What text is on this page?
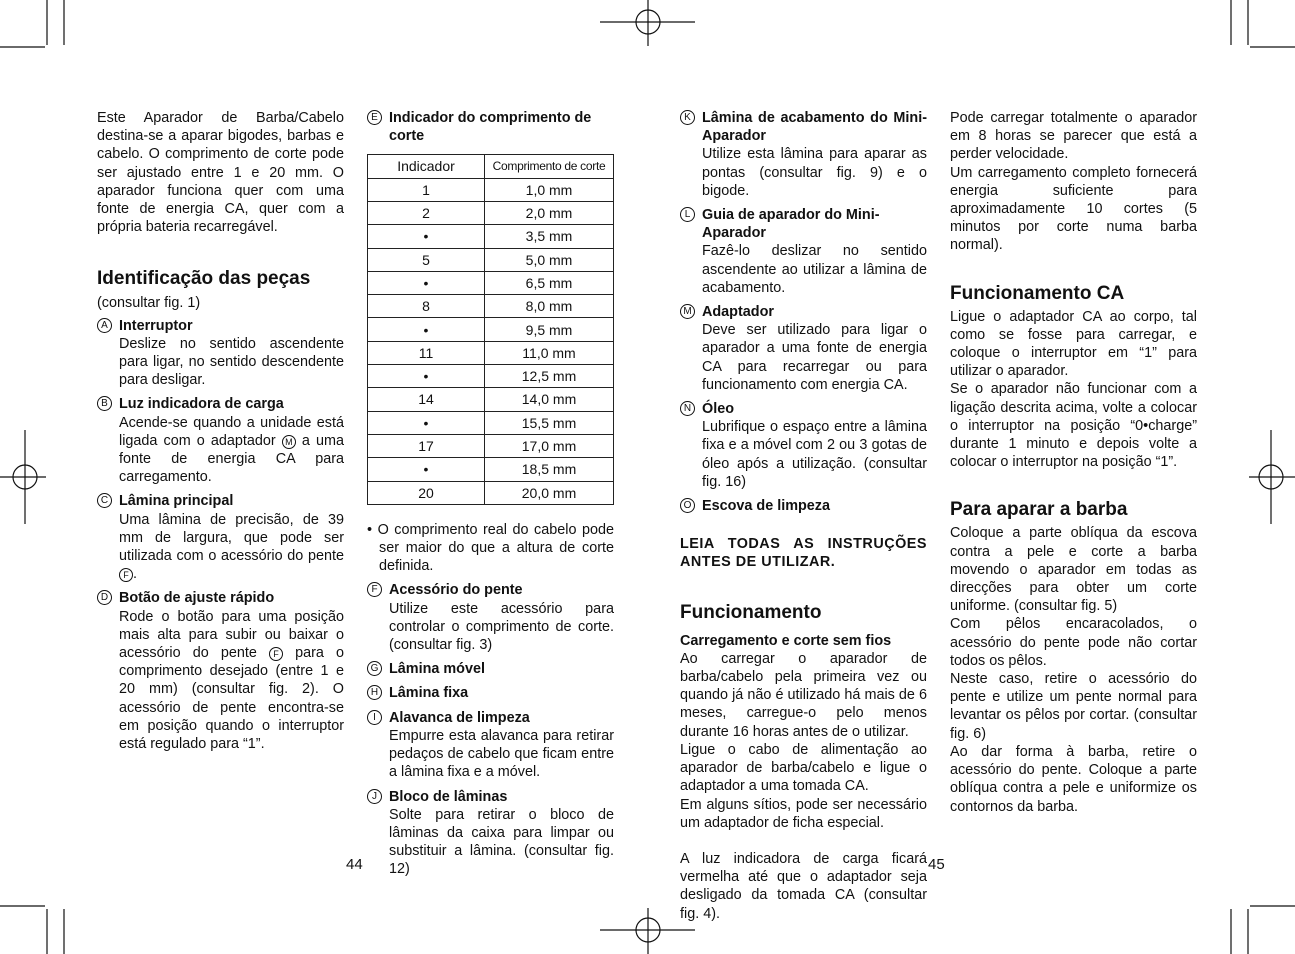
Este Aparador de Barba/Cabelo destina-se a aparar bigodes, barbas e cabelo. O comprimento de corte pode ser ajustado entre 1 e 20 mm. O aparador funciona quer com uma fonte de energia CA, quer com a própria bateria recarregável.

Identificação das peças

(consultar fig. 1)

A Interruptor

Deslize no sentido ascendente para ligar, no sentido descendente para desligar.

B Luz indicadora de carga

Acende-se quando a unidade está ligada com o adaptador M a uma fonte de energia CA para carregamento.

C Lâmina principal

Uma lâmina de precisão, de 39 mm de largura, que pode ser utilizada com o acessório do pente F .

D Botão de ajuste rápido

Rode o botão para uma posição mais alta para subir ou baixar o acessório do pente F para o comprimento desejado (entre 1 e 20 mm) (consultar fig. 2). O acessório de pente encontra-se em posição quando o interruptor está regulado para “1”.

E Indicador do comprimento de corte

Indicador	Comprimento de corte
1	1,0 mm
2	2,0 mm
•	3,5 mm
5	5,0 mm
•	6,5 mm
8	8,0 mm
•	9,5 mm
11	11,0 mm
•	12,5 mm
14	14,0 mm
•	15,5 mm
17	17,0 mm
•	18,5 mm
20	20,0 mm

• O comprimento real do cabelo pode ser maior do que a altura de corte definida.

F Acessório do pente

Utilize este acessório para controlar o comprimento de corte. (consultar fig. 3)

G Lâmina móvel

H Lâmina fixa

I Alavanca de limpeza

Empurre esta alavanca para retirar pedaços de cabelo que ficam entre a lâmina fixa e a móvel.

J Bloco de lâminas

Solte para retirar o bloco de lâminas da caixa para limpar ou substituir a lâmina. (consultar fig. 12)

K Lâmina de acabamento do Mini-Aparador

Utilize esta lâmina para aparar as pontas (consultar fig. 9) e o bigode.

L Guia de aparador do Mini-Aparador

Fazê-lo deslizar no sentido ascendente ao utilizar a lâmina de acabamento.

M Adaptador

Deve ser utilizado para ligar o aparador a uma fonte de energia CA para recarregar ou para funcionamento com energia CA.

N Óleo

Lubrifique o espaço entre a lâmina fixa e a móvel com 2 ou 3 gotas de óleo após a utilização. (consultar fig. 16)

O Escova de limpeza

LEIA TODAS AS INSTRUÇÕES ANTES DE UTILIZAR.

Funcionamento

Carregamento e corte sem fios

Ao carregar o aparador de barba/cabelo pela primeira vez ou quando já não é utilizado há mais de 6 meses, carregue-o pelo menos durante 16 horas antes de o utilizar.

Ligue o cabo de alimentação ao aparador de barba/cabelo e ligue o adaptador a uma tomada CA.

Em alguns sítios, pode ser necessário um adaptador de ficha especial.

A luz indicadora de carga ficará vermelha até que o adaptador seja desligado da tomada CA (consultar fig. 4).

Pode carregar totalmente o aparador em 8 horas se parecer que está a perder velocidade.

Um carregamento completo fornecerá energia suficiente para aproximadamente 10 cortes (5 minutos por corte numa barba normal).

Funcionamento CA

Ligue o adaptador CA ao corpo, tal como se fosse para carregar, e coloque o interruptor em “1” para utilizar o aparador.

Se o aparador não funcionar com a ligação descrita acima, volte a colocar o interruptor na posição “0•charge” durante 1 minuto e depois volte a colocar o interruptor na posição “1”.

Para aparar a barba

Coloque a parte oblíqua da escova contra a pele e corte a barba movendo o aparador em todas as direcções para obter um corte uniforme. (consultar fig. 5)

Com pêlos encaracolados, o acessório do pente pode não cortar todos os pêlos.

Neste caso, retire o acessório do pente e utilize um pente normal para levantar os pêlos por cortar. (consultar fig. 6)

Ao dar forma à barba, retire o acessório do pente. Coloque a parte oblíqua contra a pele e uniformize os contornos da barba.

44	45
